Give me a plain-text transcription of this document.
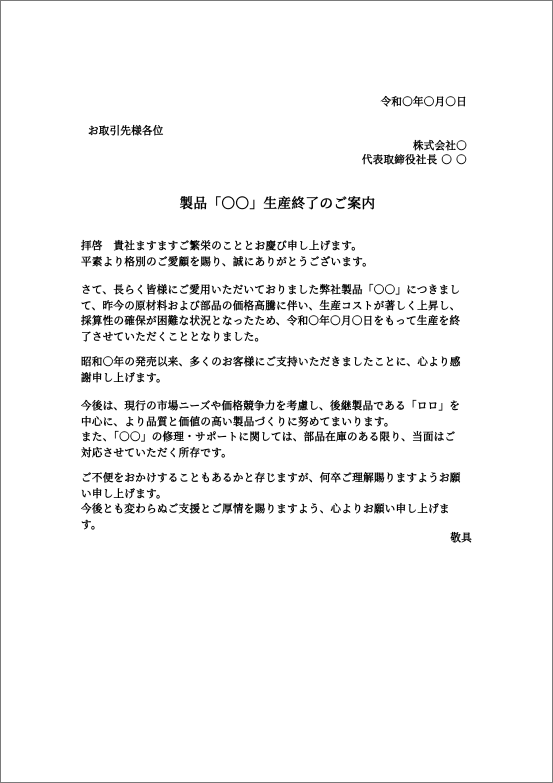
令和〇年〇月〇日
お取引先様各位
株式会社〇
代表取締役社長 〇 〇
製品「〇〇」生産終了のご案内

拝啓　貴社ますますご繁栄のこととお慶び申し上げます。

平素より格別のご愛顧を賜り、誠にありがとうございます。

さて、長らく皆様にご愛用いただいておりました弊社製品「〇〇」につきまし

て、昨今の原材料および部品の価格高騰に伴い、生産コストが著しく上昇し、

採算性の確保が困難な状況となったため、令和〇年〇月〇日をもって生産を終

了させていただくこととなりました。

昭和〇年の発売以来、多くのお客様にご支持いただきましたことに、心より感

謝申し上げます。

今後は、現行の市場ニーズや価格競争力を考慮し、後継製品である「ロロ」を

中心に、より品質と価値の高い製品づくりに努めてまいります。

また、「〇〇」の修理・サポートに関しては、部品在庫のある限り、当面はご

対応させていただく所存です。

ご不便をおかけすることもあるかと存じますが、何卒ご理解賜りますようお願

い申し上げます。

今後とも変わらぬご支援とご厚情を賜りますよう、心よりお願い申し上げま

す。

敬具
